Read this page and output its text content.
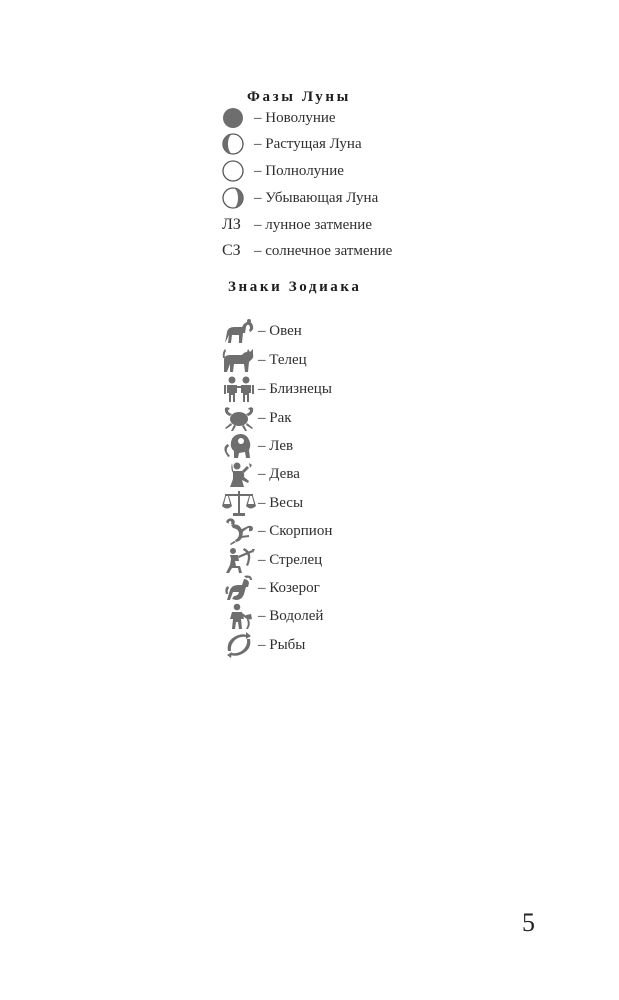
Фазы Луны
– Новолуние
– Растущая Луна
– Полнолуние
– Убывающая Луна
ЛЗ – лунное затмение
СЗ – солнечное затмение
Знаки Зодиака
– Овен
– Телец
– Близнецы
– Рак
– Лев
– Дева
– Весы
– Скорпион
– Стрелец
– Козерог
– Водолей
– Рыбы
5
